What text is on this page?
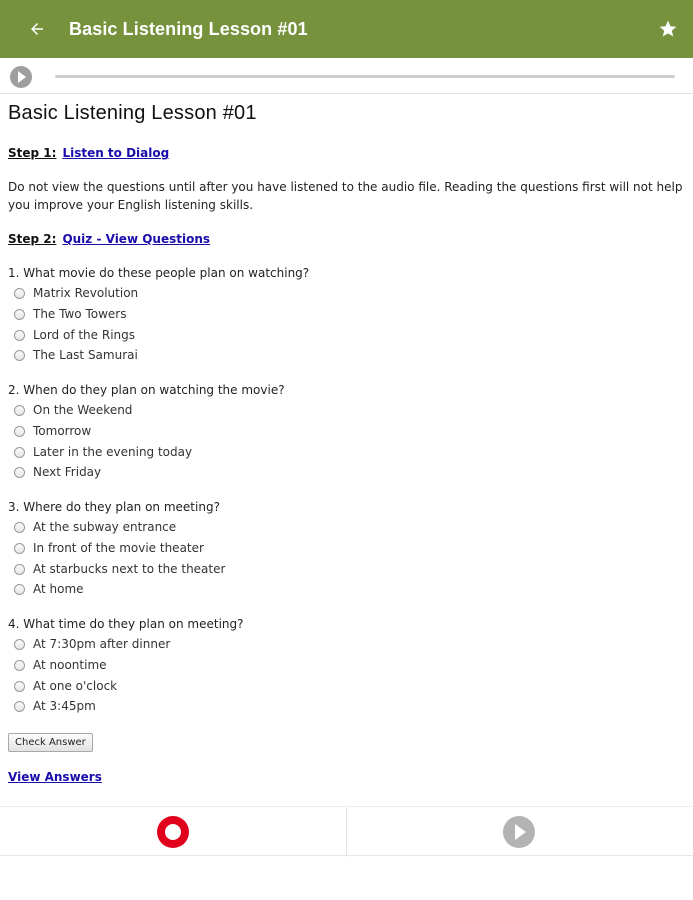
Basic Listening Lesson #01
Basic Listening Lesson #01
Step 1: Listen to Dialog
Do not view the questions until after you have listened to the audio file. Reading the questions first will not help you improve your English listening skills.
Step 2: Quiz - View Questions
1. What movie do these people plan on watching?
Matrix Revolution
The Two Towers
Lord of the Rings
The Last Samurai
2. When do they plan on watching the movie?
On the Weekend
Tomorrow
Later in the evening today
Next Friday
3. Where do they plan on meeting?
At the subway entrance
In front of the movie theater
At starbucks next to the theater
At home
4. What time do they plan on meeting?
At 7:30pm after dinner
At noontime
At one o'clock
At 3:45pm
Check Answer
View Answers
